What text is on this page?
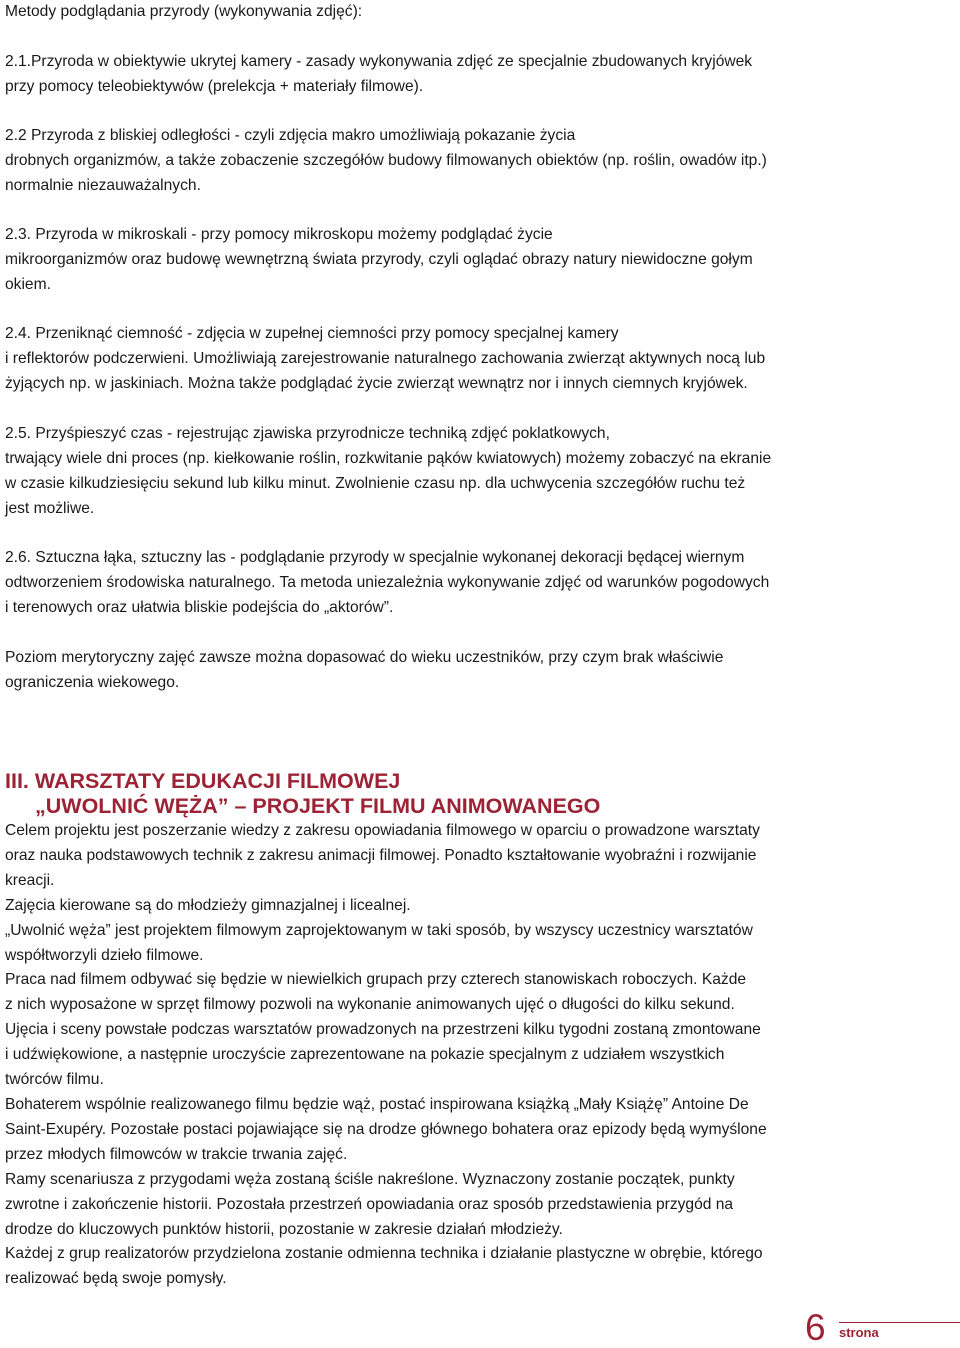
Metody podglądania przyrody (wykonywania zdjęć):

2.1.Przyroda w obiektywie ukrytej kamery - zasady wykonywania zdjęć ze specjalnie zbudowanych kryjówek
przy pomocy teleobiektywów (prelekcja + materiały filmowe).

2.2 Przyroda z bliskiej odległości - czyli zdjęcia makro umożliwiają pokazanie życia
drobnych organizmów, a także zobaczenie szczegółów budowy filmowanych obiektów (np. roślin, owadów itp.)
normalnie niezauważalnych.

2.3. Przyroda w mikroskali - przy pomocy mikroskopu możemy podglądać życie
mikroorganizmów oraz budowę wewnętrzną świata przyrody, czyli oglądać obrazy natury niewidoczne gołym
okiem.

2.4. Przeniknąć ciemność - zdjęcia w zupełnej ciemności przy pomocy specjalnej kamery
i reflektorów podczerwieni. Umożliwiają zarejestrowanie naturalnego zachowania zwierząt aktywnych nocą lub
żyjących np. w jaskiniach. Można także podglądać życie zwierząt wewnątrz nor i innych ciemnych kryjówek.

2.5. Przyśpieszyć czas - rejestrując zjawiska przyrodnicze techniką zdjęć poklatkowych,
trwający wiele dni proces (np. kiełkowanie roślin, rozkwitanie pąków kwiatowych) możemy zobaczyć na ekranie
w czasie kilkudziesięciu sekund lub kilku minut. Zwolnienie czasu np. dla uchwycenia szczegółów ruchu też
jest możliwe.

2.6. Sztuczna łąka, sztuczny las - podglądanie przyrody w specjalnie wykonanej dekoracji będącej wiernym
odtworzeniem środowiska naturalnego. Ta metoda uniezależnia wykonywanie zdjęć od warunków pogodowych
i terenowych oraz ułatwia bliskie podejścia do „aktorów”.

Poziom merytoryczny zajęć zawsze można dopasować do wieku uczestników, przy czym brak właściwie
ograniczenia wiekowego.

III. WARSZTATY EDUKACJI FILMOWEJ
„UWOLNIĆ WĘŻA” – PROJEKT FILMU ANIMOWANEGO
Celem projektu jest poszerzanie wiedzy z zakresu opowiadania filmowego w oparciu o prowadzone warsztaty
oraz nauka podstawowych technik z zakresu animacji filmowej. Ponadto kształtowanie wyobraźni i rozwijanie
kreacji.
Zajęcia kierowane są do młodzieży gimnazjalnej i licealnej.
„Uwolnić węża” jest projektem filmowym zaprojektowanym w taki sposób, by wszyscy uczestnicy warsztatów
współtworzyli dzieło filmowe.
Praca nad filmem odbywać się będzie w niewielkich grupach przy czterech stanowiskach roboczych. Każde
z nich wyposażone w sprzęt filmowy pozwoli na wykonanie animowanych ujęć o długości do kilku sekund.
Ujęcia i sceny powstałe podczas warsztatów prowadzonych na przestrzeni kilku tygodni zostaną zmontowane
i udźwiękowione, a następnie uroczyście zaprezentowane na pokazie specjalnym z udziałem wszystkich
twórców filmu.
Bohaterem wspólnie realizowanego filmu będzie wąż, postać inspirowana książką „Mały Książę” Antoine De
Saint-Exupéry. Pozostałe postaci pojawiające się na drodze głównego bohatera oraz epizody będą wymyślone
przez młodych filmowców w trakcie trwania zajęć.
Ramy scenariusza z przygodami węża zostaną ściśle nakreślone. Wyznaczony zostanie początek, punkty
zwrotne i zakończenie historii. Pozostała przestrzeń opowiadania oraz sposób przedstawienia przygód na
drodze do kluczowych punktów historii, pozostanie w zakresie działań młodzieży.
Każdej z grup realizatorów przydzielona zostanie odmienna technika i działanie plastyczne w obrębie, którego
realizować będą swoje pomysły.
6 strona
